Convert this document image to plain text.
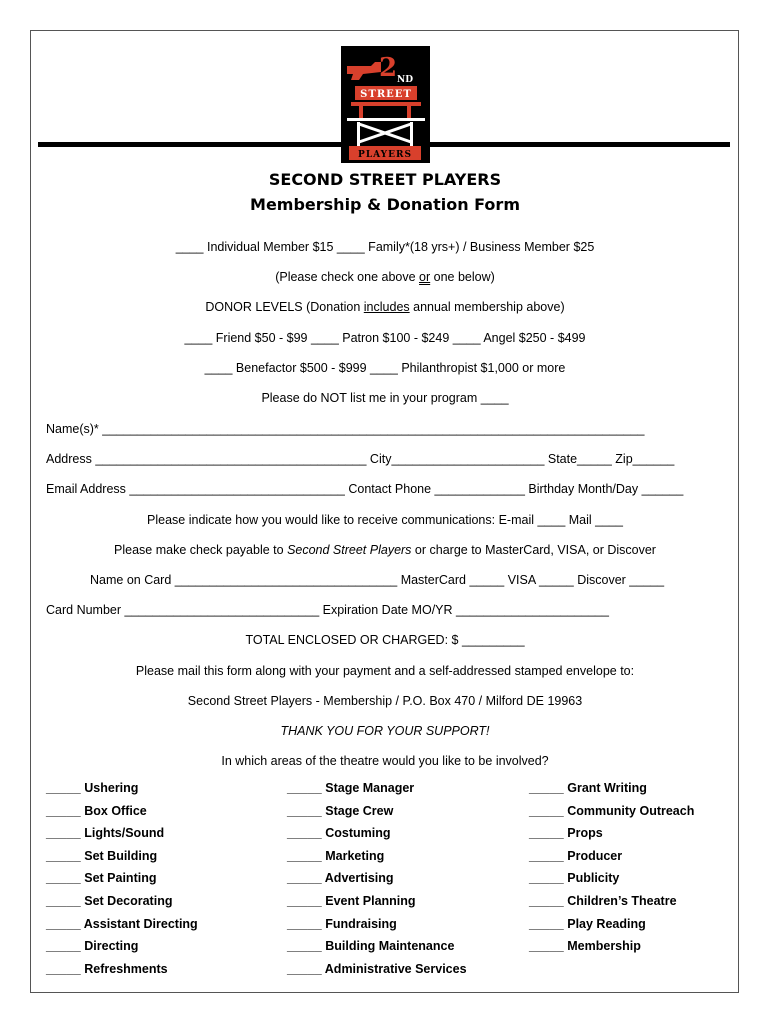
2 ND
STREET
PLAYERS
SECOND STREET PLAYERS
Membership & Donation Form
____ Individual Member $15 ____ Family*(18 yrs+) / Business Member $25
(Please check one above or one below)
DONOR LEVELS (Donation includes annual membership above)
____ Friend $50 - $99 ____ Patron $100 - $249 ____ Angel $250 - $499
____ Benefactor $500 - $999 ____ Philanthropist $1,000 or more
Please do NOT list me in your program ____
Name(s)* ______________________________________________________________________________
Address _______________________________________ City______________________ State_____ Zip______
Email Address _______________________________ Contact Phone _____________ Birthday Month/Day ______
Please indicate how you would like to receive communications: E-mail ____ Mail ____
Please make check payable to Second Street Players or charge to MasterCard, VISA, or Discover
Name on Card ________________________________ MasterCard _____ VISA _____ Discover _____
Card Number ____________________________ Expiration Date MO/YR ______________________
TOTAL ENCLOSED OR CHARGED: $ _________
Please mail this form along with your payment and a self-addressed stamped envelope to:
Second Street Players - Membership / P.O. Box 470 / Milford DE 19963
THANK YOU FOR YOUR SUPPORT!
In which areas of the theatre would you like to be involved?
_____ Ushering
_____ Box Office
_____ Lights/Sound
_____ Set Building
_____ Set Painting
_____ Set Decorating
_____ Assistant Directing
_____ Directing
_____ Refreshments
_____ Stage Manager
_____ Stage Crew
_____ Costuming
_____ Marketing
_____ Advertising
_____ Event Planning
_____ Fundraising
_____ Building Maintenance
_____ Administrative Services
_____ Grant Writing
_____ Community Outreach
_____ Props
_____ Producer
_____ Publicity
_____ Children’s Theatre
_____ Play Reading
_____ Membership
